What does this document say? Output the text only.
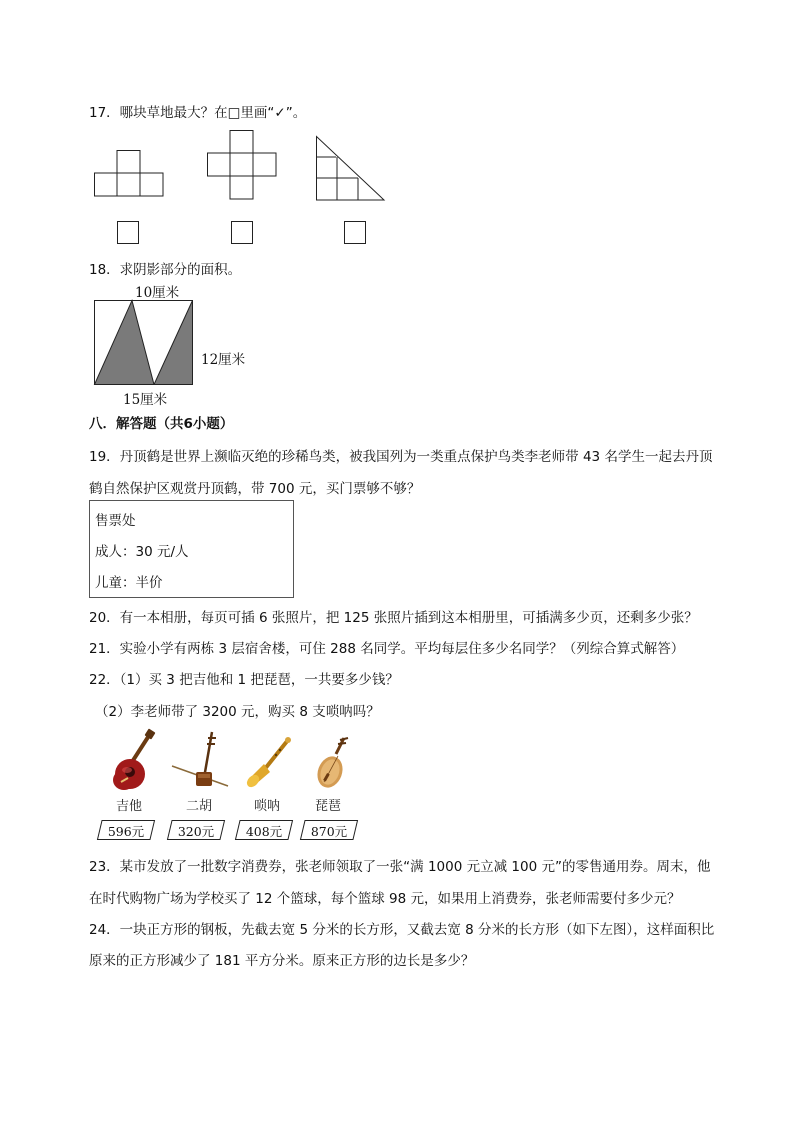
17．哪块草地最大？在□里画“✓”。
18．求阴影部分的面积。
10厘米
12厘米
15厘米
八．解答题（共6小题）
19．丹顶鹤是世界上濒临灭绝的珍稀鸟类，被我国列为一类重点保护鸟类李老师带 43 名学生一起去丹顶
鹤自然保护区观赏丹顶鹤，带 700 元，买门票够不够？
售票处
成人：30 元/人
儿童：半价
20．有一本相册，每页可插 6 张照片，把 125 张照片插到这本相册里，可插满多少页，还剩多少张？
21．实验小学有两栋 3 层宿舍楼，可住 288 名同学。平均每层住多少名同学？（列综合算式解答）
22．（1）买 3 把吉他和 1 把琵琶，一共要多少钱？
（2）李老师带了 3200 元，购买 8 支唢呐吗？
吉他	二胡	唢呐	琵琶
596元	320元	408元	870元
23．某市发放了一批数字消费券，张老师领取了一张“满 1000 元立减 100 元”的零售通用券。周末，他
在时代购物广场为学校买了 12 个篮球，每个篮球 98 元，如果用上消费券，张老师需要付多少元？
24．一块正方形的钢板，先截去宽 5 分米的长方形，又截去宽 8 分米的长方形（如下左图），这样面积比
原来的正方形减少了 181 平方分米。原来正方形的边长是多少？
